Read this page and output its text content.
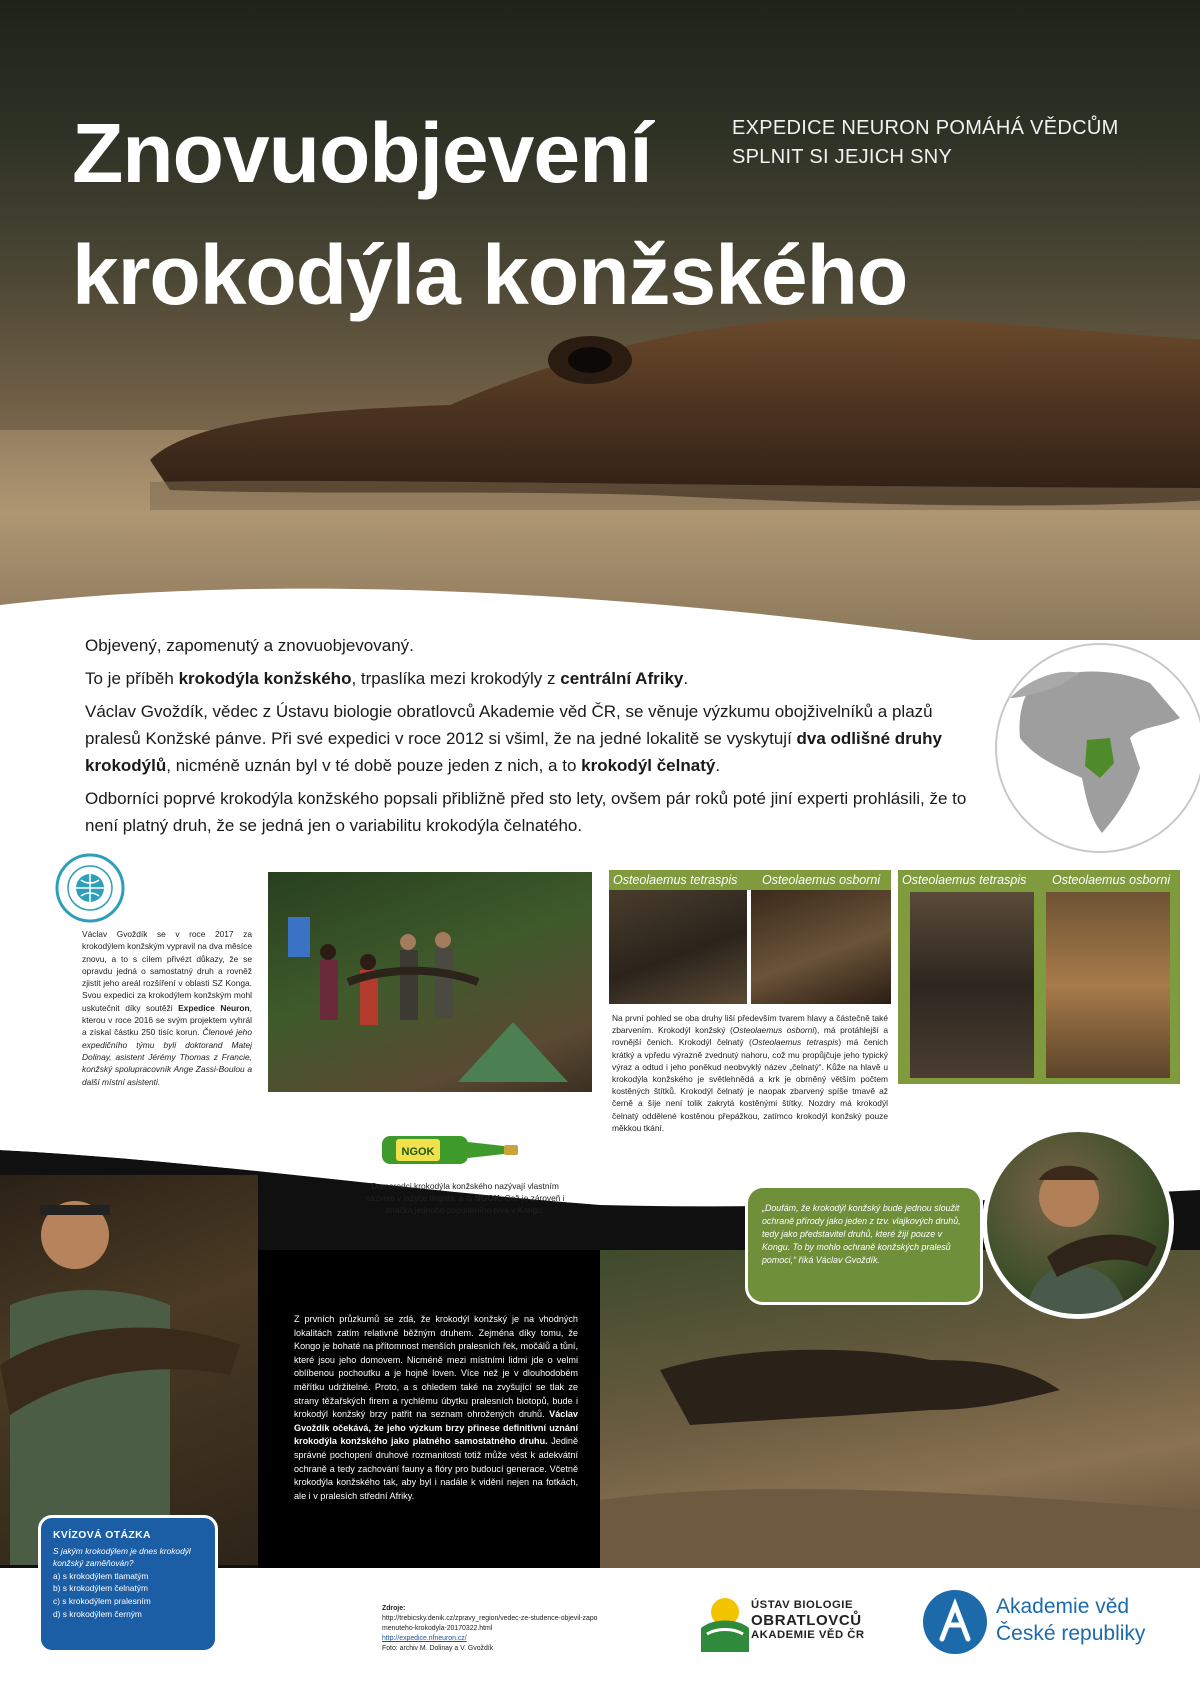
Znovuobjevení
krokodýla konžského
EXPEDICE NEURON POMÁHÁ VĚDCŮM
SPLNIT SI JEJICH SNY

Objevený, zapomenutý a znovuobjevovaný.

To je příběh krokodýla konžského, trpaslíka mezi krokodýly z centrální Afriky.

Václav Gvoždík, vědec z Ústavu biologie obratlovců Akademie věd ČR, se věnuje výzkumu obojživelníků a plazů pralesů Konžské pánve. Při své expedici v roce 2012 si všiml, že na jedné lokalitě se vyskytují dva odlišné druhy krokodýlů, nicméně uznán byl v té době pouze jeden z nich, a to krokodýl čelnatý.

Odborníci poprvé krokodýla konžského popsali přibližně před sto lety, ovšem pár roků poté jiní experti prohlásili, že to není platný druh, že se jedná jen o variabilitu krokodýla čelnatého.

Václav Gvoždík se v roce 2017 za krokodýlem konžským vypravil na dva měsíce znovu, a to s cílem přivézt důkazy, že se opravdu jedná o samostatný druh a rovněž zjistit jeho areál rozšíření v oblasti SZ Konga. Svou expedici za krokodýlem konžským mohl uskutečnit díky soutěži Expedice Neuron, kterou v roce 2016 se svým projektem vyhrál a získal částku 250 tisíc korun. Členové jeho expedičního týmu byli doktorand Matej Dolinay, asistent Jérémy Thomas z Francie, konžský spolupracovník Ange Zassi-Boulou a další místní asistenti.
Osteolaemus tetraspis Osteolaemus osborni Osteolaemus tetraspis Osteolaemus osborni
Na první pohled se oba druhy liší především tvarem hlavy a částečně také zbarvením. Krokodýl konžský (Osteolaemus osborni), má protáhlejší a rovnější čenich. Krokodýl čelnatý (Osteolaemus tetraspis) má čenich krátký a vpředu výrazně zvednutý nahoru, což mu propůjčuje jeho typický výraz a odtud i jeho poněkud neobvyklý název „čelnatý“. Kůže na hlavě u krokodýla konžského je světlehnědá a krk je obrněný větším počtem kostěných štítků. Krokodýl čelnatý je naopak zbarvený spíše tmavě až černě a šíje není tolik zakrytá kostěnými štítky. Nozdry má krokodýl čelnatý oddělené kostěnou přepážkou, zatímco krokodýl konžský pouze měkkou tkání.
NGOK
Domorodci krokodýla konžského nazývají vlastním názvem v jazyce lingala, a to NGOK. Což je zároveň i značka jednoho populárního piva v Kongu.
Z prvních průzkumů se zdá, že krokodýl konžský je na vhodných lokalitách zatím relativně běžným druhem. Zejména díky tomu, že Kongo je bohaté na přítomnost menších pralesních řek, močálů a tůní, které jsou jeho domovem. Nicméně mezi místními lidmi jde o velmi oblíbenou pochoutku a je hojně loven. Více než je v dlouhodobém měřítku udržitelné. Proto, a s ohledem také na zvyšující se tlak ze strany těžařských firem a rychlému úbytku pralesních biotopů, bude i krokodýl konžský brzy patřit na seznam ohrožených druhů. Václav Gvoždík očekává, že jeho výzkum brzy přinese definitivní uznání krokodýla konžského jako platného samostatného druhu. Jedině správné pochopení druhové rozmanitosti totiž může vést k adekvátní ochraně a tedy zachování fauny a flóry pro budoucí generace. Včetně krokodýla konžského tak, aby byl i nadále k vidění nejen na fotkách, ale i v pralesích střední Afriky.
„Doufám, že krokodýl konžský bude jednou sloužit ochraně přírody jako jeden z tzv. vlajkových druhů, tedy jako představitel druhů, které žijí pouze v Kongu. To by mohlo ochraně konžských pralesů pomoci,“ říká Václav Gvoždík.
KVÍZOVÁ OTÁZKA
S jakým krokodýlem je dnes krokodýl konžský zaměňován?
a) s krokodýlem tlamatým
b) s krokodýlem čelnatým
c) s krokodýlem pralesním
d) s krokodýlem černým
Zdroje:
http://trebicsky.denik.cz/zpravy_region/vedec-ze-studence-objevil-zapomenuteho-krokodyla-20170322.html
http://expedice.nfneuron.cz/
Foto: archiv M. Dolinay a V. Gvoždík
ÚSTAV BIOLOGIE
OBRATLOVCŮ
AKADEMIE VĚD ČR
Akademie věd
České republiky
